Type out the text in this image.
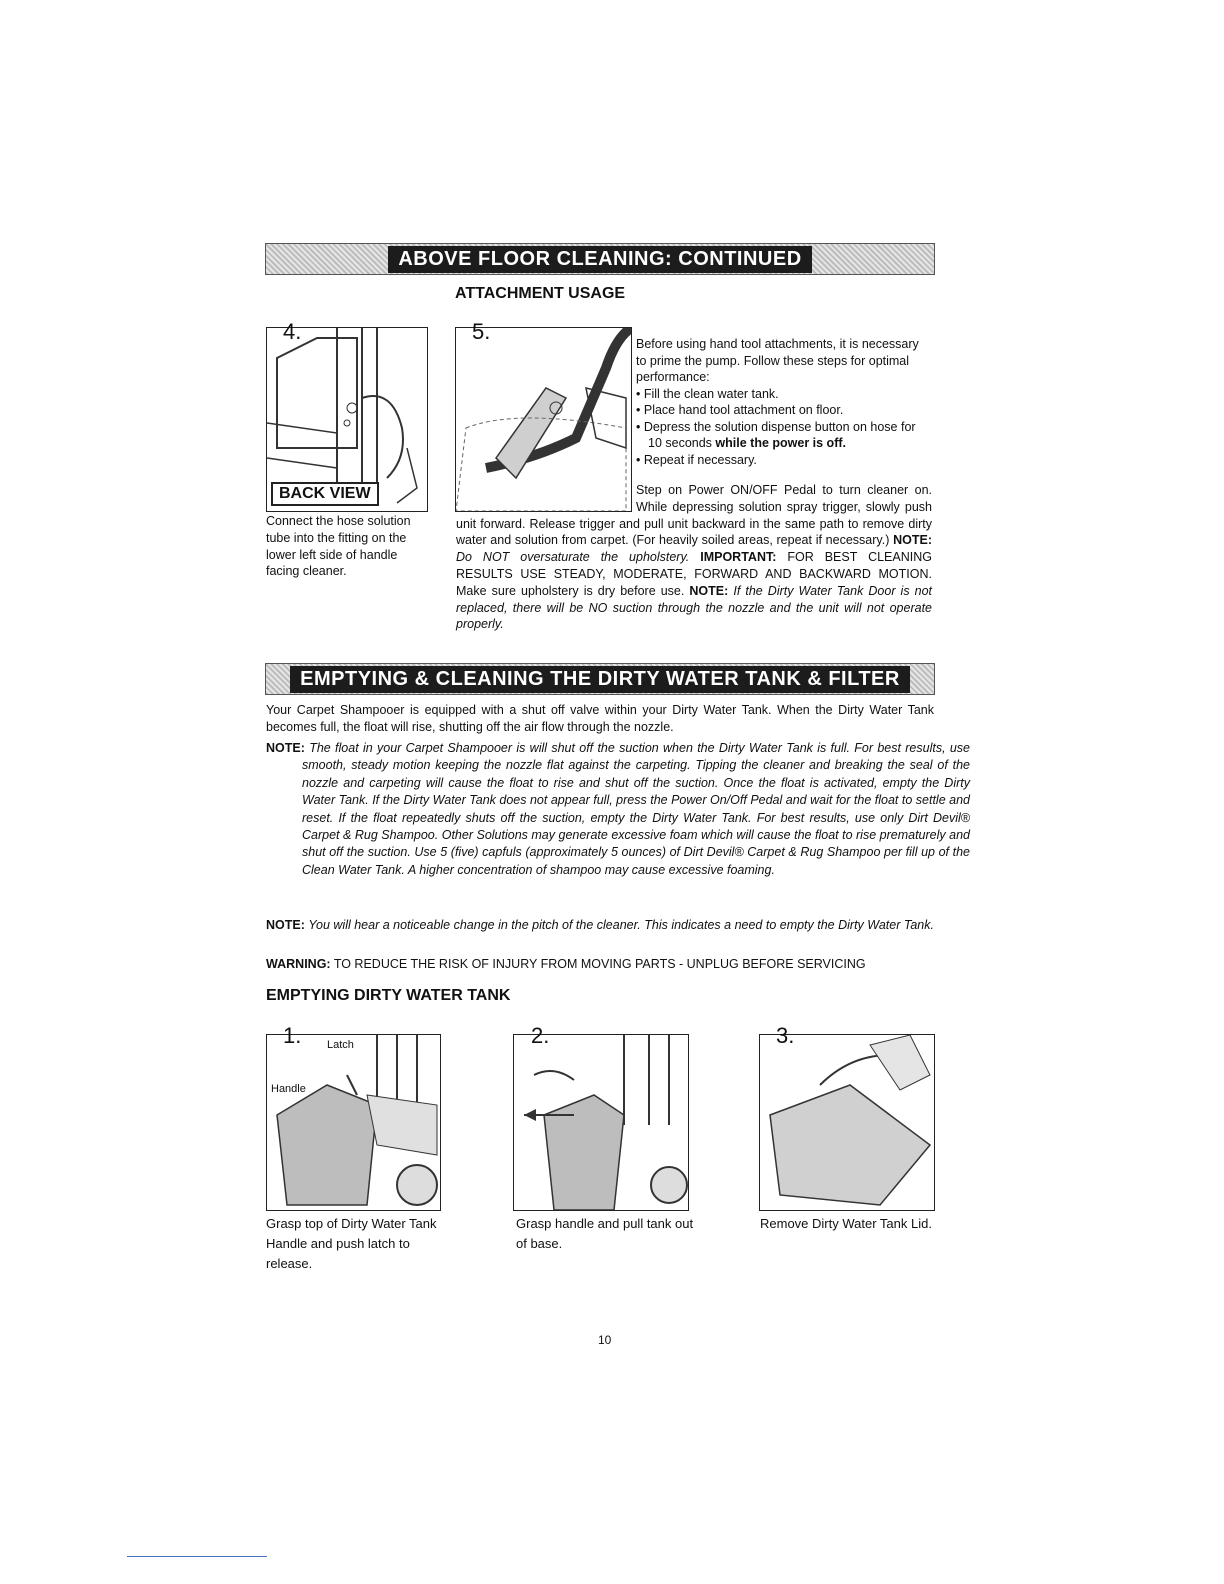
ABOVE FLOOR CLEANING: CONTINUED
ATTACHMENT USAGE
BACK VIEW
4.
Connect the hose solution tube into the fitting on the lower left side of handle facing cleaner.
5.	Before using hand tool attachments, it is necessary to prime the pump. Follow these steps for optimal performance:
• Fill the clean water tank.
• Place hand tool attachment on floor.
• Depress the solution dispense button on hose for 10 seconds while the power is off.
• Repeat if necessary.
Step on Power ON/OFF Pedal to turn cleaner on. While depressing solution spray trigger, slowly push unit forward. Release trigger and pull unit backward in the same path to remove dirty water and solution from carpet. (For heavily soiled areas, repeat if necessary.) NOTE: Do NOT oversaturate the upholstery. IMPORTANT: FOR BEST CLEANING RESULTS USE STEADY, MODERATE, FORWARD AND BACKWARD MOTION. Make sure upholstery is dry before use. NOTE: If the Dirty Water Tank Door is not replaced, there will be NO suction through the nozzle and the unit will not operate properly.
EMPTYING & CLEANING THE DIRTY WATER TANK & FILTER
Your Carpet Shampooer is equipped with a shut off valve within your Dirty Water Tank. When the Dirty Water Tank becomes full, the float will rise, shutting off the air flow through the nozzle.
NOTE: The float in your Carpet Shampooer is will shut off the suction when the Dirty Water Tank is full. For best results, use smooth, steady motion keeping the nozzle flat against the carpeting. Tipping the cleaner and breaking the seal of the nozzle and carpeting will cause the float to rise and shut off the suction. Once the float is activated, empty the Dirty Water Tank. If the Dirty Water Tank does not appear full, press the Power On/Off Pedal and wait for the float to settle and reset. If the float repeatedly shuts off the suction, empty the Dirty Water Tank. For best results, use only Dirt Devil® Carpet & Rug Shampoo. Other Solutions may generate excessive foam which will cause the float to rise prematurely and shut off the suction. Use 5 (five) capfuls (approximately 5 ounces) of Dirt Devil® Carpet & Rug Shampoo per fill up of the Clean Water Tank. A higher concentration of shampoo may cause excessive foaming.
NOTE: You will hear a noticeable change in the pitch of the cleaner. This indicates a need to empty the Dirty Water Tank.
WARNING: TO REDUCE THE RISK OF INJURY FROM MOVING PARTS - UNPLUG BEFORE SERVICING
EMPTYING DIRTY WATER TANK
Latch
Handle
1.
Grasp top of Dirty Water Tank Handle and push latch to release.
2.
Grasp handle and pull tank out of base.
3.
Remove Dirty Water Tank Lid.
10
